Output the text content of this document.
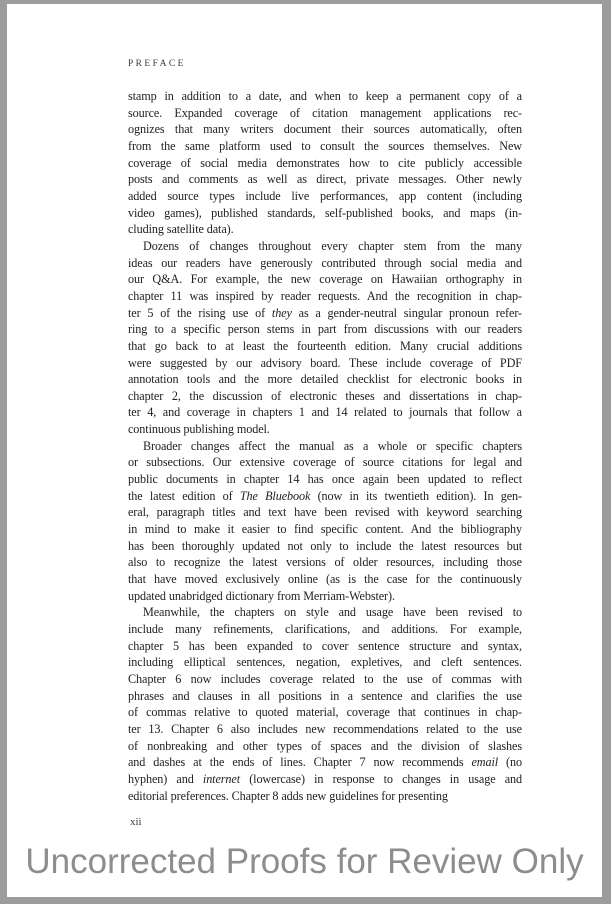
PREFACE
stamp in addition to a date, and when to keep a permanent copy of a
source. Expanded coverage of citation management applications rec-
ognizes that many writers document their sources automatically, often
from the same platform used to consult the sources themselves. New
coverage of social media demonstrates how to cite publicly accessible
posts and comments as well as direct, private messages. Other newly
added source types include live performances, app content (including
video games), published standards, self-published books, and maps (in-
cluding satellite data).
Dozens of changes throughout every chapter stem from the many
ideas our readers have generously contributed through social media and
our Q&A. For example, the new coverage on Hawaiian orthography in
chapter 11 was inspired by reader requests. And the recognition in chap-
ter 5 of the rising use of they as a gender-neutral singular pronoun refer-
ring to a specific person stems in part from discussions with our readers
that go back to at least the fourteenth edition. Many crucial additions
were suggested by our advisory board. These include coverage of PDF
annotation tools and the more detailed checklist for electronic books in
chapter 2, the discussion of electronic theses and dissertations in chap-
ter 4, and coverage in chapters 1 and 14 related to journals that follow a
continuous publishing model.
Broader changes affect the manual as a whole or specific chapters
or subsections. Our extensive coverage of source citations for legal and
public documents in chapter 14 has once again been updated to reflect
the latest edition of The Bluebook (now in its twentieth edition). In gen-
eral, paragraph titles and text have been revised with keyword searching
in mind to make it easier to find specific content. And the bibliography
has been thoroughly updated not only to include the latest resources but
also to recognize the latest versions of older resources, including those
that have moved exclusively online (as is the case for the continuously
updated unabridged dictionary from Merriam-Webster).
Meanwhile, the chapters on style and usage have been revised to
include many refinements, clarifications, and additions. For example,
chapter 5 has been expanded to cover sentence structure and syntax,
including elliptical sentences, negation, expletives, and cleft sentences.
Chapter 6 now includes coverage related to the use of commas with
phrases and clauses in all positions in a sentence and clarifies the use
of commas relative to quoted material, coverage that continues in chap-
ter 13. Chapter 6 also includes new recommendations related to the use
of nonbreaking and other types of spaces and the division of slashes
and dashes at the ends of lines. Chapter 7 now recommends email (no
hyphen) and internet (lowercase) in response to changes in usage and
editorial preferences. Chapter 8 adds new guidelines for presenting
xii
Uncorrected Proofs for Review Only
